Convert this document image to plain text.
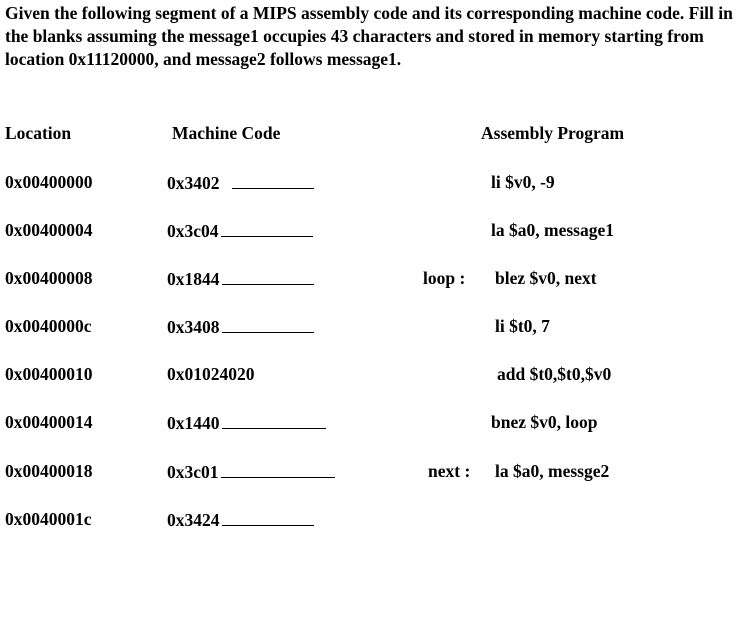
Given the following segment of a MIPS assembly code and its corresponding machine code. Fill in the blanks assuming the message1 occupies 43 characters and stored in memory starting from location 0x11120000, and message2 follows message1.

Location	Machine Code	Assembly Program
0x00400000	0x3402	li $v0, -9
0x00400004	0x3c04	la $a0, message1
0x00400008	0x1844	loop : blez $v0, next
0x0040000c	0x3408	li $t0, 7
0x00400010	0x01024020	add $t0,$t0,$v0
0x00400014	0x1440	bnez $v0, loop
0x00400018	0x3c01	next : la $a0, messge2
0x0040001c	0x3424
